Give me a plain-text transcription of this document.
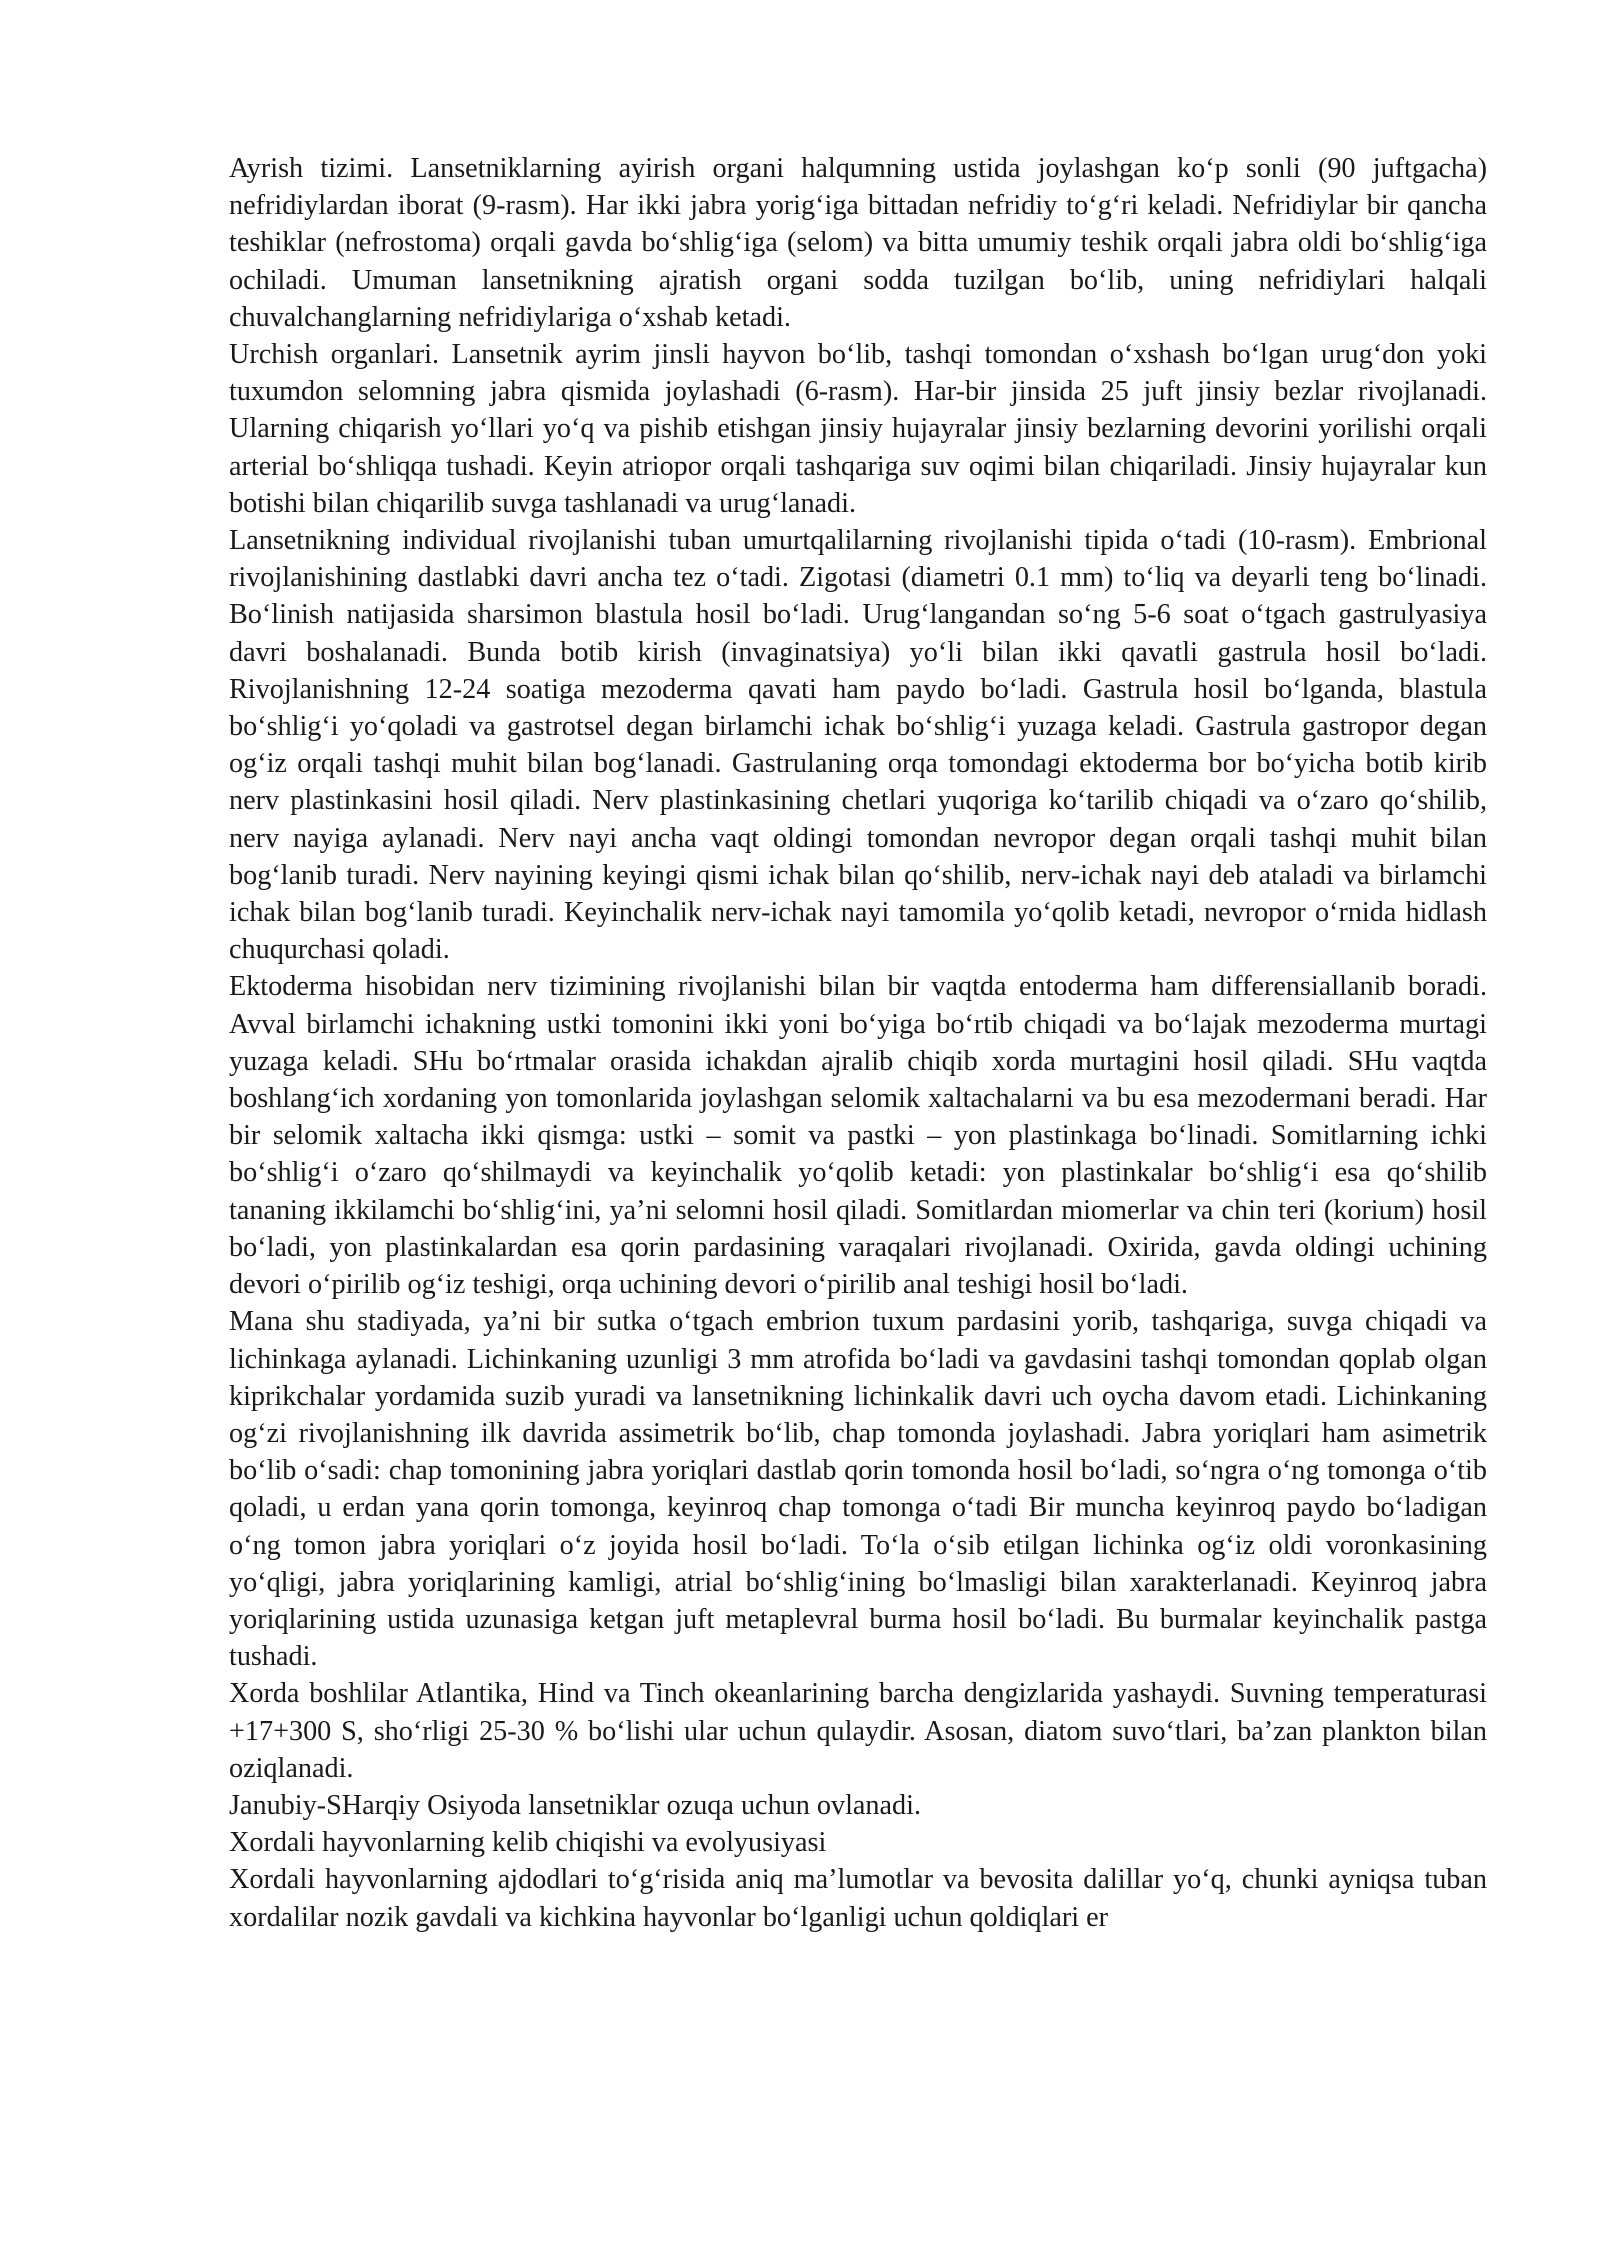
Ayrish tizimi. Lansetniklarning ayirish organi halqumning ustida joylashgan ko‘p sonli (90 juftgacha) nefridiylardan iborat (9-rasm). Har ikki jabra yorig‘iga bittadan nefridiy to‘g‘ri keladi. Nefridiylar bir qancha teshiklar (nefrostoma) orqali gavda bo‘shlig‘iga (selom) va bitta umumiy teshik orqali jabra oldi bo‘shlig‘iga ochiladi. Umuman lansetnikning ajratish organi sodda tuzilgan bo‘lib, uning nefridiylari halqali chuvalchanglarning nefridiylariga o‘xshab ketadi.

Urchish organlari. Lansetnik ayrim jinsli hayvon bo‘lib, tashqi tomondan o‘xshash bo‘lgan urug‘don yoki tuxumdon selomning jabra qismida joylashadi (6-rasm). Har-bir jinsida 25 juft jinsiy bezlar rivojlanadi. Ularning chiqarish yo‘llari yo‘q va pishib etishgan jinsiy hujayralar jinsiy bezlarning devorini yorilishi orqali arterial bo‘shliqqa tushadi. Keyin atriopor orqali tashqariga suv oqimi bilan chiqariladi. Jinsiy hujayralar kun botishi bilan chiqarilib suvga tashlanadi va urug‘lanadi.

Lansetnikning individual rivojlanishi tuban umurtqalilarning rivojlanishi tipida o‘tadi (10-rasm). Embrional rivojlanishining dastlabki davri ancha tez o‘tadi. Zigotasi (diametri 0.1 mm) to‘liq va deyarli teng bo‘linadi. Bo‘linish natijasida sharsimon blastula hosil bo‘ladi. Urug‘langandan so‘ng 5-6 soat o‘tgach gastrulyasiya davri boshalanadi. Bunda botib kirish (invaginatsiya) yo‘li bilan ikki qavatli gastrula hosil bo‘ladi. Rivojlanishning 12-24 soatiga mezoderma qavati ham paydo bo‘ladi. Gastrula hosil bo‘lganda, blastula bo‘shlig‘i yo‘qoladi va gastrotsel degan birlamchi ichak bo‘shlig‘i yuzaga keladi. Gastrula gastropor degan og‘iz orqali tashqi muhit bilan bog‘lanadi. Gastrulaning orqa tomondagi ektoderma bor bo‘yicha botib kirib nerv plastinkasini hosil qiladi. Nerv plastinkasining chetlari yuqoriga ko‘tarilib chiqadi va o‘zaro qo‘shilib, nerv nayiga aylanadi. Nerv nayi ancha vaqt oldingi tomondan nevropor degan orqali tashqi muhit bilan bog‘lanib turadi. Nerv nayining keyingi qismi ichak bilan qo‘shilib, nerv-ichak nayi deb ataladi va birlamchi ichak bilan bog‘lanib turadi. Keyinchalik nerv-ichak nayi tamomila yo‘qolib ketadi, nevropor o‘rnida hidlash chuqurchasi qoladi.

Ektoderma hisobidan nerv tizimining rivojlanishi bilan bir vaqtda entoderma ham differensiallanib boradi. Avval birlamchi ichakning ustki tomonini ikki yoni bo‘yiga bo‘rtib chiqadi va bo‘lajak mezoderma murtagi yuzaga keladi. SHu bo‘rtmalar orasida ichakdan ajralib chiqib xorda murtagini hosil qiladi. SHu vaqtda boshlang‘ich xordaning yon tomonlarida joylashgan selomik xaltachalarni va bu esa mezodermani beradi. Har bir selomik xaltacha ikki qismga: ustki – somit va pastki – yon plastinkaga bo‘linadi. Somitlarning ichki bo‘shlig‘i o‘zaro qo‘shilmaydi va keyinchalik yo‘qolib ketadi: yon plastinkalar bo‘shlig‘i esa qo‘shilib tananing ikkilamchi bo‘shlig‘ini, ya’ni selomni hosil qiladi. Somitlardan miomerlar va chin teri (korium) hosil bo‘ladi, yon plastinkalardan esa qorin pardasining varaqalari rivojlanadi. Oxirida, gavda oldingi uchining devori o‘pirilib og‘iz teshigi, orqa uchining devori o‘pirilib anal teshigi hosil bo‘ladi.

Mana shu stadiyada, ya’ni bir sutka o‘tgach embrion tuxum pardasini yorib, tashqariga, suvga chiqadi va lichinkaga aylanadi. Lichinkaning uzunligi 3 mm atrofida bo‘ladi va gavdasini tashqi tomondan qoplab olgan kiprikchalar yordamida suzib yuradi va lansetnikning lichinkalik davri uch oycha davom etadi. Lichinkaning og‘zi rivojlanishning ilk davrida assimetrik bo‘lib, chap tomonda joylashadi. Jabra yoriqlari ham asimetrik bo‘lib o‘sadi: chap tomonining jabra yoriqlari dastlab qorin tomonda hosil bo‘ladi, so‘ngra o‘ng tomonga o‘tib qoladi, u erdan yana qorin tomonga, keyinroq chap tomonga o‘tadi Bir muncha keyinroq paydo bo‘ladigan o‘ng tomon jabra yoriqlari o‘z joyida hosil bo‘ladi. To‘la o‘sib etilgan lichinka og‘iz oldi voronkasining yo‘qligi, jabra yoriqlarining kamligi, atrial bo‘shlig‘ining bo‘lmasligi bilan xarakterlanadi. Keyinroq jabra yoriqlarining ustida uzunasiga ketgan juft metaplevral burma hosil bo‘ladi. Bu burmalar keyinchalik pastga tushadi.

Xorda boshlilar Atlantika, Hind va Tinch okeanlarining barcha dengizlarida yashaydi. Suvning temperaturasi +17+300 S, sho‘rligi 25-30 % bo‘lishi ular uchun qulaydir. Asosan, diatom suvo‘tlari, ba’zan plankton bilan oziqlanadi.

Janubiy-SHarqiy Osiyoda lansetniklar ozuqa uchun ovlanadi.

Xordali hayvonlarning kelib chiqishi va evolyusiyasi

Xordali hayvonlarning ajdodlari to‘g‘risida aniq ma’lumotlar va bevosita dalillar yo‘q, chunki ayniqsa tuban xordalilar nozik gavdali va kichkina hayvonlar bo‘lganligi uchun qoldiqlari er
